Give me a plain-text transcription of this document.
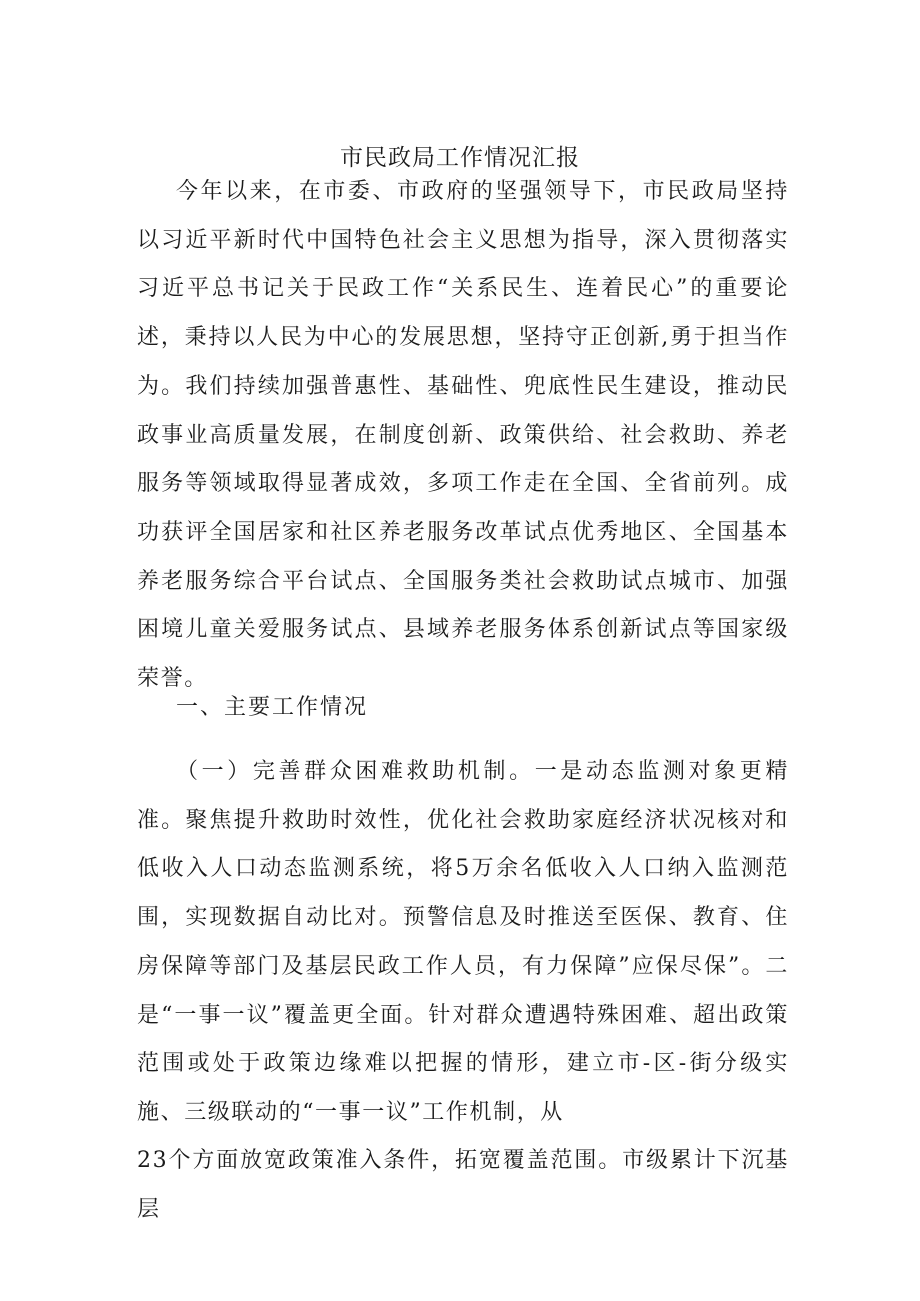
市民政局工作情况汇报

今年以来，在市委、市政府的坚强领导下，市民政局坚持以习近平新时代中国特色社会主义思想为指导，深入贯彻落实习近平总书记关于民政工作“关系民生、连着民心”的重要论述，秉持以人民为中心的发展思想，坚持守正创新,勇于担当作为。我们持续加强普惠性、基础性、兜底性民生建设，推动民政事业高质量发展，在制度创新、政策供给、社会救助、养老服务等领域取得显著成效，多项工作走在全国、全省前列。成功获评全国居家和社区养老服务改革试点优秀地区、全国基本养老服务综合平台试点、全国服务类社会救助试点城市、加强困境儿童关爱服务试点、县域养老服务体系创新试点等国家级荣誉。

一、主要工作情况

（一）完善群众困难救助机制。一是动态监测对象更精准。聚焦提升救助时效性，优化社会救助家庭经济状况核对和低收入人口动态监测系统，将5万余名低收入人口纳入监测范围，实现数据自动比对。预警信息及时推送至医保、教育、住房保障等部门及基层民政工作人员，有力保障”应保尽保”。二是“一事一议”覆盖更全面。针对群众遭遇特殊困难、超出政策范围或处于政策边缘难以把握的情形，建立市-区-街分级实施、三级联动的“一事一议”工作机制，从

23个方面放宽政策准入条件，拓宽覆盖范围。市级累计下沉基层
